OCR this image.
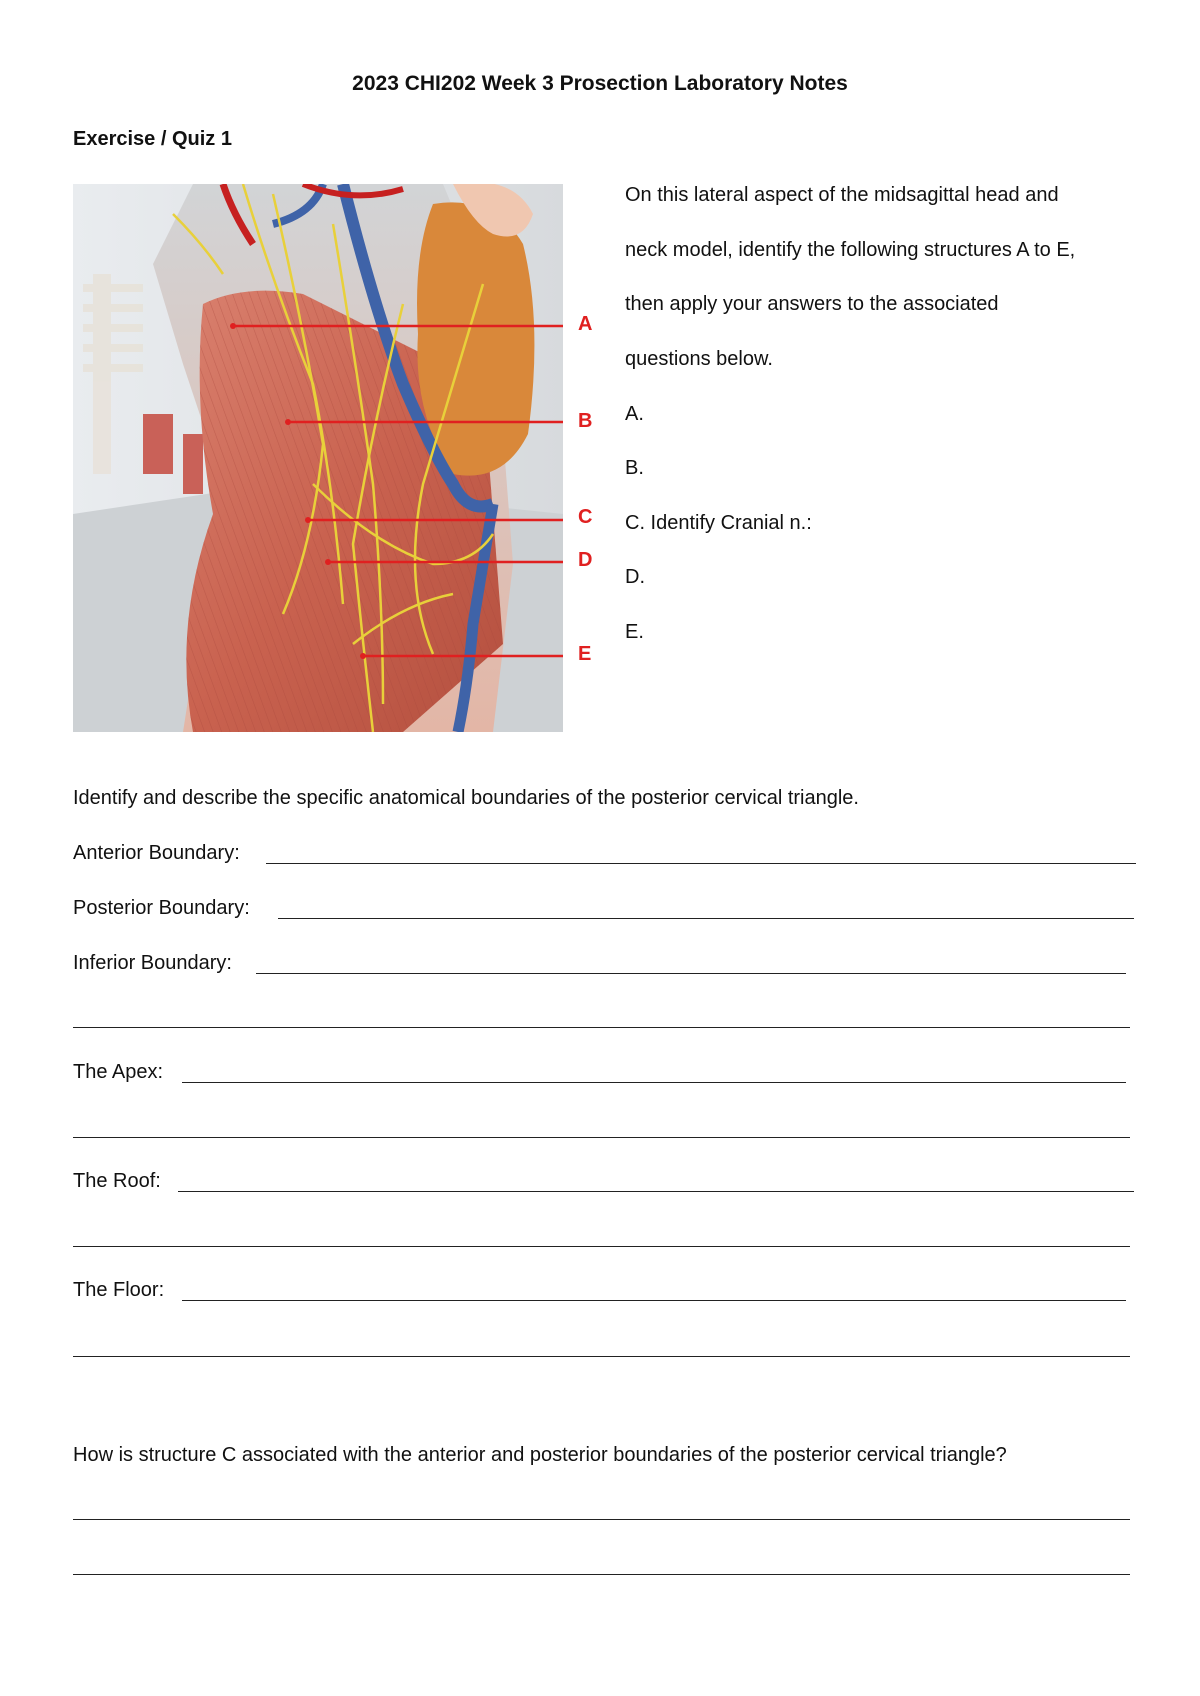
2023 CHI202 Week 3 Prosection Laboratory Notes
Exercise / Quiz 1
A
B
C
D
E
On this lateral aspect of the midsagittal head and
neck model, identify the following structures A to E,
then apply your answers to the associated
questions below.
A.
B.
C. Identify Cranial n.:
D.
E.
Identify and describe the specific anatomical boundaries of the posterior cervical triangle.
Anterior Boundary:
Posterior Boundary:
Inferior Boundary:
The Apex:
The Roof:
The Floor:
How is structure C associated with the anterior and posterior boundaries of the posterior cervical triangle?
